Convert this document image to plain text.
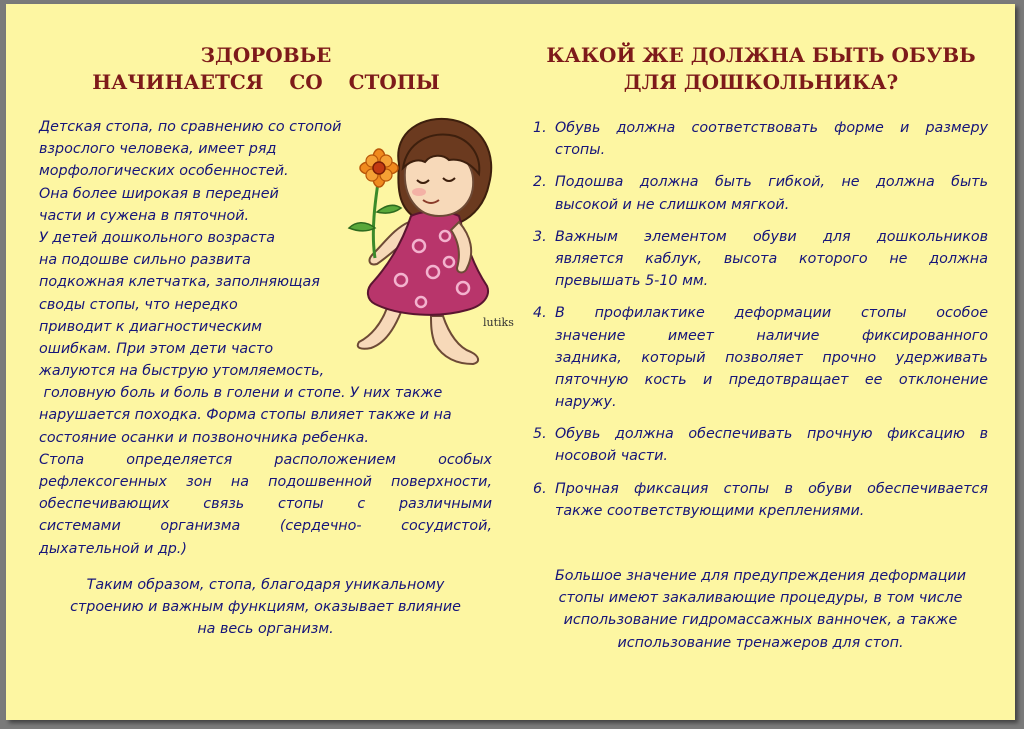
ЗДОРОВЬЕ
НАЧИНАЕТСЯ  СО  СТОПЫ
Детская стопа, по сравнению со стопой
взрослого человека, имеет ряд
морфологических особенностей.
Она более широкая в передней
части и сужена в пяточной.
У детей дошкольного возраста
на подошве сильно развита
подкожная клетчатка, заполняющая
своды стопы, что нередко
приводит к диагностическим
ошибкам. При этом дети часто
жалуются на быструю утомляемость,
головную боль и боль в голени и стопе. У них также
нарушается походка. Форма стопы влияет также и на
состояние осанки и позвоночника ребенка.
Стопа определяется расположением особых
рефлексогенных зон на подошвенной поверхности,
обеспечивающих связь стопы с различными
системами организма (сердечно- сосудистой,
дыхательной и др.)
Таким образом, стопа, благодаря уникальному
строению и важным функциям, оказывает влияние
на весь организм.
lutiks
КАКОЙ ЖЕ ДОЛЖНА БЫТЬ ОБУВЬ
ДЛЯ ДОШКОЛЬНИКА?
1. Обувь должна соответствовать форме и размеру
стопы.
2. Подошва должна быть гибкой, не должна быть
высокой и не слишком мягкой.
3. Важным элементом обуви для дошкольников
является каблук, высота которого не должна
превышать 5-10 мм.
4. В профилактике деформации стопы особое
значение имеет наличие фиксированного
задника, который позволяет прочно удерживать
пяточную кость и предотвращает ее отклонение
наружу.
5. Обувь должна обеспечивать прочную фиксацию в
носовой части.
6. Прочная фиксация стопы в обуви обеспечивается
также соответствующими креплениями.
Большое значение для предупреждения деформации
стопы имеют закаливающие процедуры, в том числе
использование гидромассажных ванночек, а также
использование тренажеров для стоп.
